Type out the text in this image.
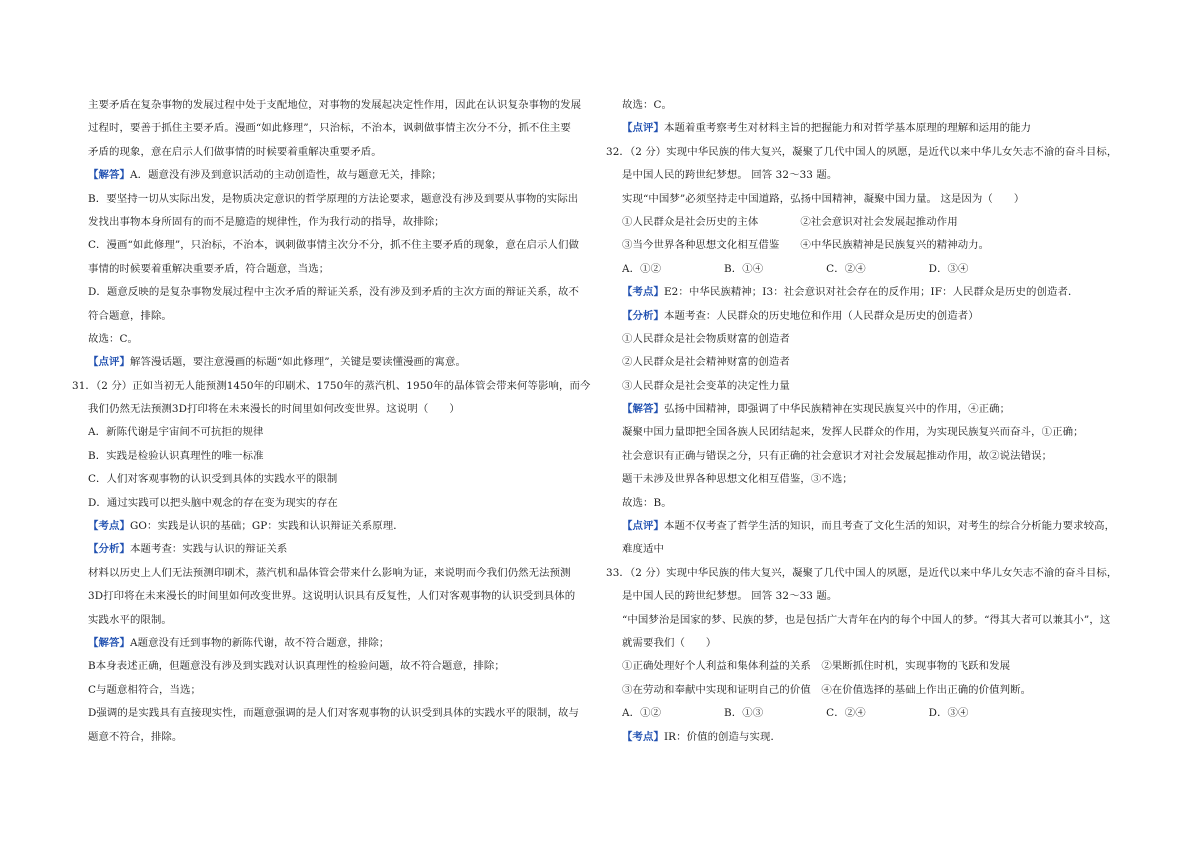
主要矛盾在复杂事物的发展过程中处于支配地位，对事物的发展起决定性作用，因此在认识复杂事物的发展
过程时，要善于抓住主要矛盾。漫画“如此修理”，只治标，不治本，讽刺做事情主次分不分，抓不住主要
矛盾的现象，意在启示人们做事情的时候要着重解决重要矛盾。
【解答】A．题意没有涉及到意识活动的主动创造性，故与题意无关，排除；
B．要坚持一切从实际出发，是物质决定意识的哲学原理的方法论要求，题意没有涉及到要从事物的实际出
发找出事物本身所固有的而不是臆造的规律性，作为我行动的指导，故排除；
C．漫画“如此修理”，只治标，不治本，讽刺做事情主次分不分，抓不住主要矛盾的现象，意在启示人们做
事情的时候要着重解决重要矛盾，符合题意，当选；
D．题意反映的是复杂事物发展过程中主次矛盾的辩证关系，没有涉及到矛盾的主次方面的辩证关系，故不
符合题意，排除。
故选：C。
【点评】解答漫话题，要注意漫画的标题“如此修理”，关键是要读懂漫画的寓意。
31．（2 分）正如当初无人能预测1450年的印刷术、1750年的蒸汽机、1950年的晶体管会带来何等影响，而今
我们仍然无法预测3D打印将在未来漫长的时间里如何改变世界。这说明（　　）
A．新陈代谢是宇宙间不可抗拒的规律
B．实践是检验认识真理性的唯一标准
C．人们对客观事物的认识受到具体的实践水平的限制
D．通过实践可以把头脑中观念的存在变为现实的存在
【考点】GO：实践是认识的基础；GP：实践和认识辩证关系原理．
【分析】本题考查：实践与认识的辩证关系
材料以历史上人们无法预测印刷术，蒸汽机和晶体管会带来什么影响为证，来说明而今我们仍然无法预测
3D打印将在未来漫长的时间里如何改变世界。这说明认识具有反复性，人们对客观事物的认识受到具体的
实践水平的限制。
【解答】A题意没有迁到事物的新陈代谢，故不符合题意，排除；
B本身表述正确，但题意没有涉及到实践对认识真理性的检验问题，故不符合题意，排除；
C与题意相符合，当选；
D强调的是实践具有直接现实性，而题意强调的是人们对客观事物的认识受到具体的实践水平的限制，故与
题意不符合，排除。
故选：C。
【点评】本题着重考察考生对材料主旨的把握能力和对哲学基本原理的理解和运用的能力
32．（2 分）实现中华民族的伟大复兴，凝聚了几代中国人的夙愿，是近代以来中华儿女矢志不渝的奋斗目标，
是中国人民的跨世纪梦想。 回答 32～33 题。
实现“中国梦”必须坚持走中国道路，弘扬中国精神，凝聚中国力量。 这是因为（　　）
①人民群众是社会历史的主体　　　　②社会意识对社会发展起推动作用
③当今世界各种思想文化相互借鉴　　④中华民族精神是民族复兴的精神动力。
A．①②　　　　　　B．①④　　　　　　C．②④　　　　　　D．③④
【考点】E2：中华民族精神；I3：社会意识对社会存在的反作用；IF：人民群众是历史的创造者．
【分析】本题考查：人民群众的历史地位和作用（人民群众是历史的创造者）
①人民群众是社会物质财富的创造者
②人民群众是社会精神财富的创造者
③人民群众是社会变革的决定性力量
【解答】弘扬中国精神，即强调了中华民族精神在实现民族复兴中的作用，④正确；
凝聚中国力量即把全国各族人民团结起来，发挥人民群众的作用，为实现民族复兴而奋斗，①正确；
社会意识有正确与错误之分，只有正确的社会意识才对社会发展起推动作用，故②说法错误；
题干未涉及世界各种思想文化相互借鉴，③不选；
故选：B。
【点评】本题不仅考查了哲学生活的知识，而且考查了文化生活的知识，对考生的综合分析能力要求较高，
难度适中
33．（2 分）实现中华民族的伟大复兴，凝聚了几代中国人的夙愿，是近代以来中华儿女矢志不渝的奋斗目标，
是中国人民的跨世纪梦想。 回答 32～33 题。
“中国梦治是国家的梦、民族的梦，也是包括广大青年在内的每个中国人的梦。“得其大者可以兼其小”，这
就需要我们（　　）
①正确处理好个人利益和集体利益的关系　②果断抓住时机，实现事物的飞跃和发展
③在劳动和奉献中实现和证明自己的价值　④在价值选择的基础上作出正确的价值判断。
A．①②　　　　　　B．①③　　　　　　C．②④　　　　　　D．③④
【考点】IR：价值的创造与实现．
